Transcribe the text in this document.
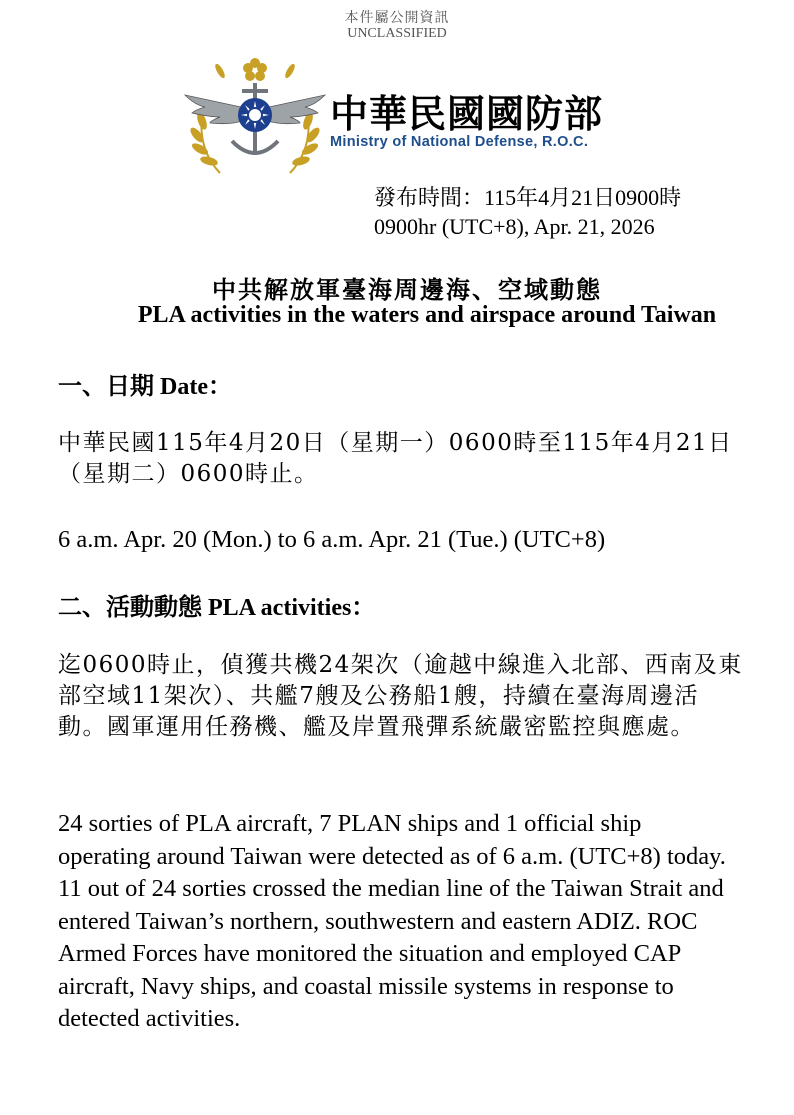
本件屬公開資訊
UNCLASSIFIED
中華民國國防部
Ministry of National Defense, R.O.C.
發布時間：115年4月21日0900時
0900hr (UTC+8), Apr. 21, 2026
中共解放軍臺海周邊海、空域動態
PLA activities in the waters and airspace around Taiwan
一、日期 Date：
中華民國115年4月20日（星期一）0600時至115年4月21日（星期二）0600時止。
6 a.m. Apr. 20 (Mon.) to 6 a.m. Apr. 21 (Tue.) (UTC+8)
二、活動動態 PLA activities：
迄0600時止，偵獲共機24架次（逾越中線進入北部、西南及東部空域11架次）、共艦7艘及公務船1艘，持續在臺海周邊活動。國軍運用任務機、艦及岸置飛彈系統嚴密監控與應處。
24 sorties of PLA aircraft, 7 PLAN ships and 1 official ship operating around Taiwan were detected as of 6 a.m. (UTC+8) today. 11 out of 24 sorties crossed the median line of the Taiwan Strait and entered Taiwan’s northern, southwestern and eastern ADIZ. ROC Armed Forces have monitored the situation and employed CAP aircraft, Navy ships, and coastal missile systems in response to detected activities.
